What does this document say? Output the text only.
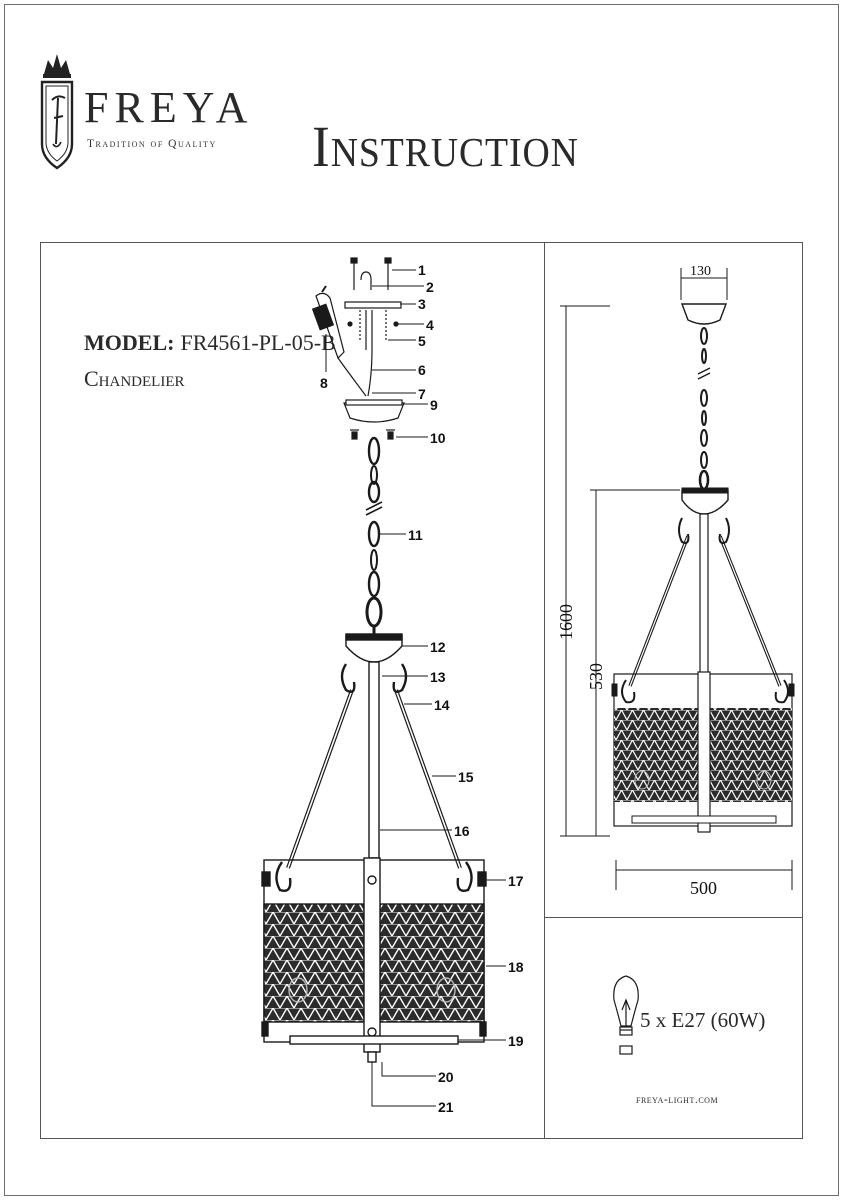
FREYA
Tradition of Quality Instruction
MODEL: FR4561-PL-05-B
Chandelier
1
2
3
4
5
6
7
8
9
10
11
12
13
14
15
16
17
18
19
20
21
130
1600
530
500
5 x E27 (60W)
freya-light.com
